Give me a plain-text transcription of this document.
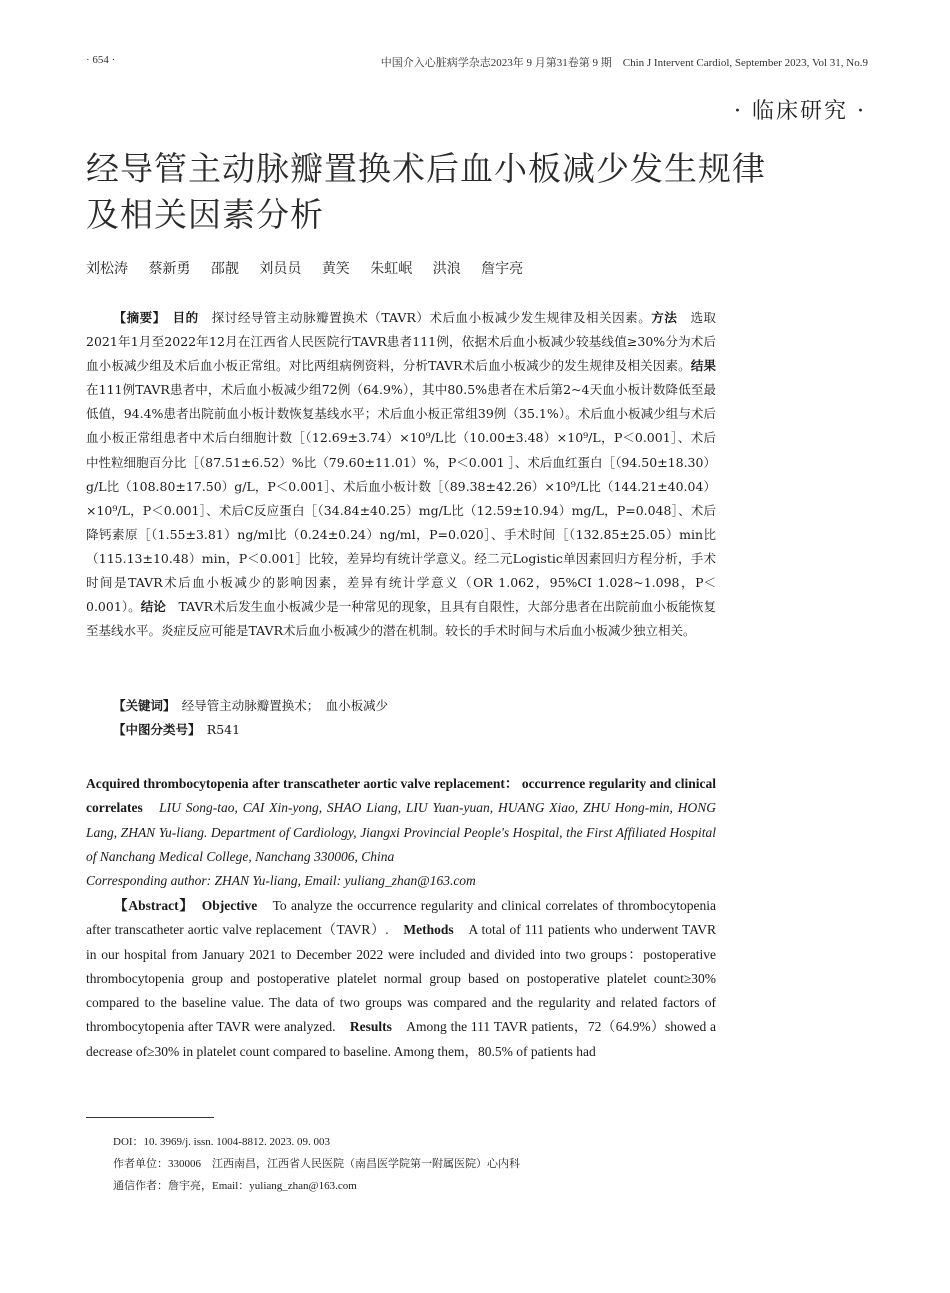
· 654 ·	中国介入心脏病学杂志2023年 9 月第31卷第 9 期　Chin J Intervent Cardiol, September 2023, Vol 31, No.9
· 临床研究 ·
经导管主动脉瓣置换术后血小板减少发生规律及相关因素分析
刘松涛 蔡新勇 邵靓 刘员员 黄笑 朱虹岷 洪浪 詹宇亮
【摘要】　 目的　 探讨经导管主动脉瓣置换术（TAVR）术后血小板减少发生规律及相关因素。方法　 选取2021年1月至2022年12月在江西省人民医院行TAVR患者111例，依据术后血小板减少较基线值≥30%分为术后血小板减少组及术后血小板正常组。对比两组病例资料，分析TAVR术后血小板减少的发生规律及相关因素。结果　在111例TAVR患者中，术后血小板减少组72例（64.9%），其中80.5%患者在术后第2~4天血小板计数降低至最低值，94.4%患者出院前血小板计数恢复基线水平；术后血小板正常组39例（35.1%）。术后血小板减少组与术后血小板正常组患者中术后白细胞计数［（12.69±3.74）×10⁹/L比（10.00±3.48）×10⁹/L，P＜0.001］、术后中性粒细胞百分比［（87.51±6.52）%比（79.60±11.01）%，P＜0.001 ］、术后血红蛋白［（94.50±18.30）g/L比（108.80±17.50）g/L，P＜0.001］、术后血小板计数［（89.38±42.26）×10⁹/L比（144.21±40.04）×10⁹/L，P＜0.001］、术后C反应蛋白［（34.84±40.25）mg/L比（12.59±10.94）mg/L，P=0.048］、术后降钙素原［（1.55±3.81）ng/ml比（0.24±0.24）ng/ml，P=0.020］、手术时间［（132.85±25.05）min比（115.13±10.48）min，P＜0.001］比较，差异均有统计学意义。经二元Logistic单因素回归方程分析，手术时间是TAVR术后血小板减少的影响因素，差异有统计学意义（OR 1.062，95%CI 1.028~1.098，P＜0.001）。结论　 TAVR术后发生血小板减少是一种常见的现象，且具有自限性，大部分患者在出院前血小板能恢复至基线水平。炎症反应可能是TAVR术后血小板减少的潜在机制。较长的手术时间与术后血小板减少独立相关。
【关键词】　 经导管主动脉瓣置换术；　 血小板减少
【中图分类号】　 R541
Acquired thrombocytopenia after transcatheter aortic valve replacement： occurrence regularity and clinical correlates　 LIU Song-tao, CAI Xin-yong, SHAO Liang, LIU Yuan-yuan, HUANG Xiao, ZHU Hong-min, HONG Lang, ZHAN Yu-liang. Department of Cardiology, Jiangxi Provincial People's Hospital, the First Affiliated Hospital of Nanchang Medical College, Nanchang 330006, China
Corresponding author: ZHAN Yu-liang, Email: yuliang_zhan@163.com
【Abstract】　 Objective　 To analyze the occurrence regularity and clinical correlates of thrombocytopenia after transcatheter aortic valve replacement（TAVR）.　 Methods　 A total of 111 patients who underwent TAVR in our hospital from January 2021 to December 2022 were included and divided into two groups：postoperative thrombocytopenia group and postoperative platelet normal group based on postoperative platelet count≥30% compared to the baseline value. The data of two groups was compared and the regularity and related factors of thrombocytopenia after TAVR were analyzed.　 Results　 Among the 111 TAVR patients，72（64.9%）showed a decrease of≥30% in platelet count compared to baseline. Among them，80.5% of patients had
DOI：10. 3969/j. issn. 1004-8812. 2023. 09. 003
作者单位：330006　江西南昌，江西省人民医院（南昌医学院第一附属医院）心内科
通信作者：詹宇亮，Email：yuliang_zhan@163.com
